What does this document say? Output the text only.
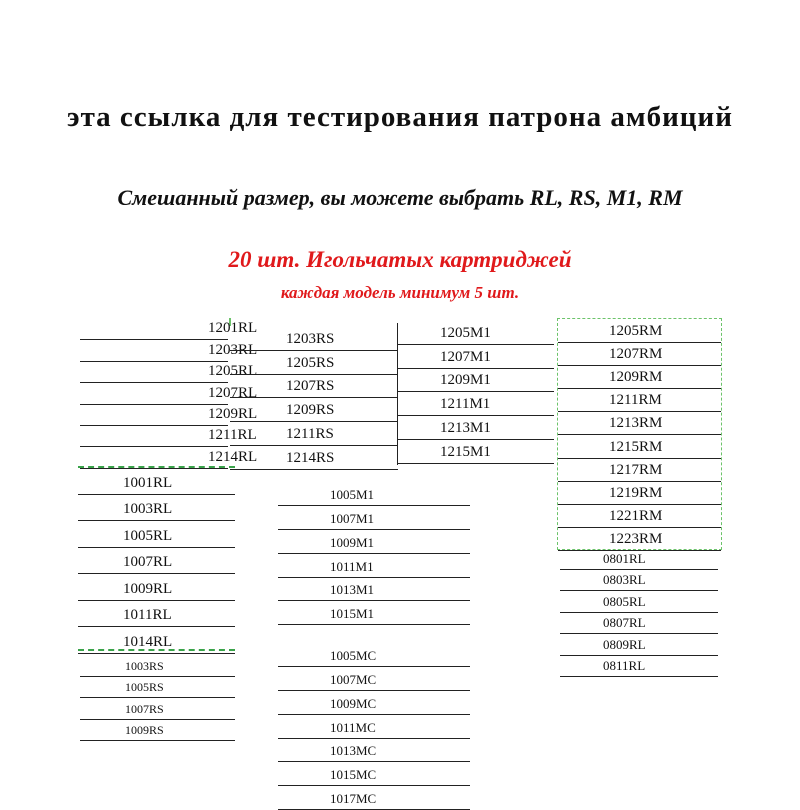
эта ссылка для тестирования патрона амбиций
Смешанный размер, вы можете выбрать RL, RS, M1, RM
20 шт. Игольчатых картриджей
каждая модель минимум 5 шт.
1201RL
1203RL
1205RL
1207RL
1209RL
1211RL
1214RL
1203RS
1205RS
1207RS
1209RS
1211RS
1214RS
1205M1
1207M1
1209M1
1211M1
1213M1
1215M1
1205RM
1207RM
1209RM
1211RM
1213RM
1215RM
1217RM
1219RM
1221RM
1223RM
1001RL
1003RL
1005RL
1007RL
1009RL
1011RL
1014RL
1005M1
1007M1
1009M1
1011M1
1013M1
1015M1
0801RL
0803RL
0805RL
0807RL
0809RL
0811RL
1003RS
1005RS
1007RS
1009RS
1005MC
1007MC
1009MC
1011MC
1013MC
1015MC
1017MC
